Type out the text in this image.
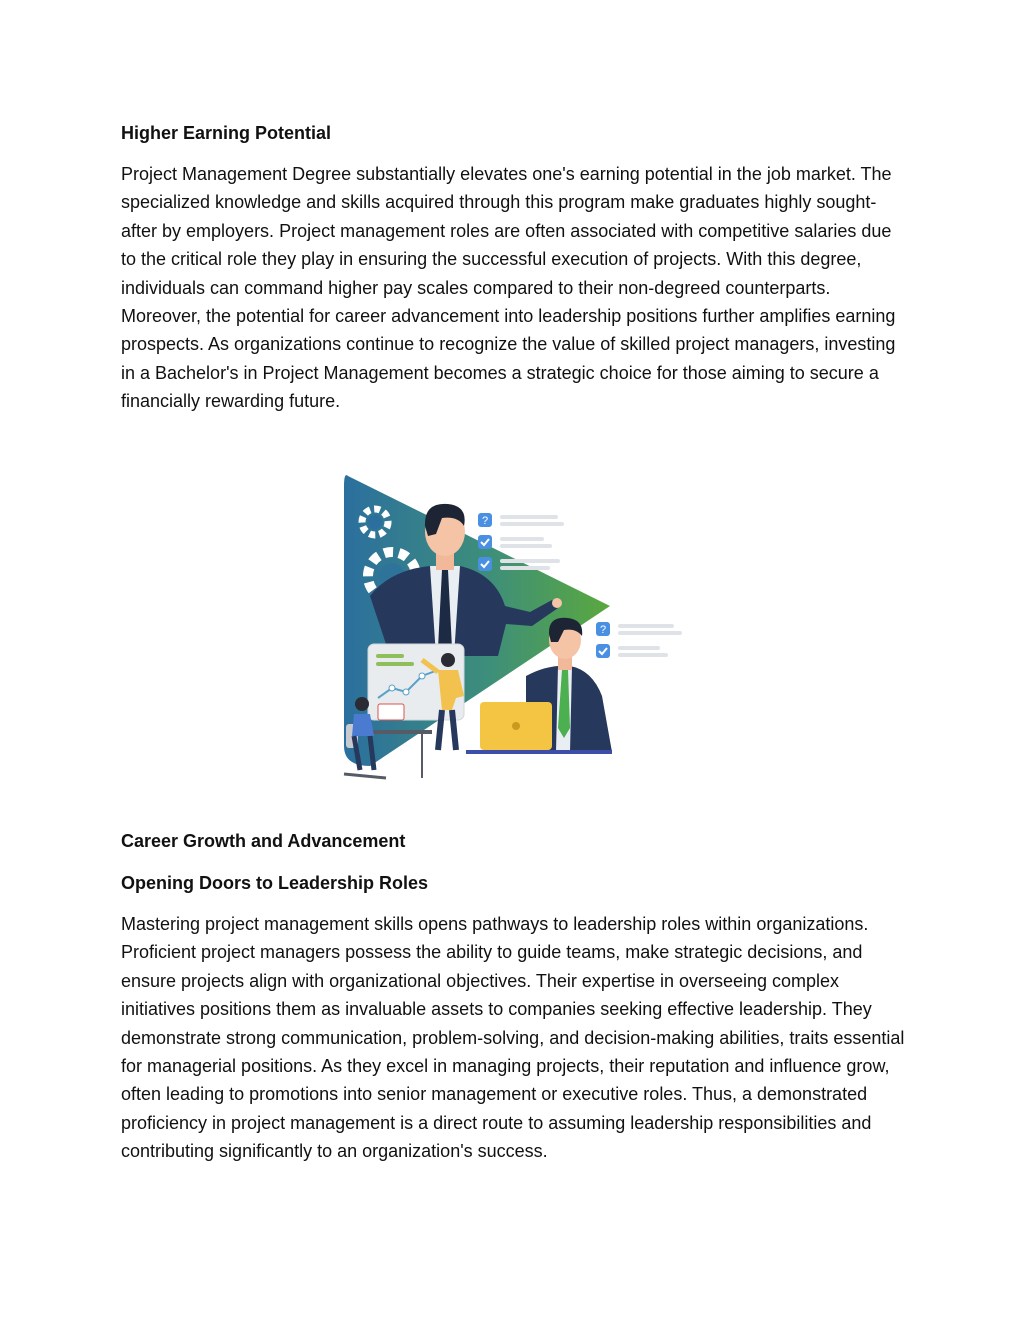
Higher Earning Potential

Project Management Degree substantially elevates one's earning potential in the job market. The specialized knowledge and skills acquired through this program make graduates highly sought-after by employers. Project management roles are often associated with competitive salaries due to the critical role they play in ensuring the successful execution of projects. With this degree, individuals can command higher pay scales compared to their non-degreed counterparts. Moreover, the potential for career advancement into leadership positions further amplifies earning prospects. As organizations continue to recognize the value of skilled project managers, investing in a Bachelor's in Project Management becomes a strategic choice for those aiming to secure a financially rewarding future.

?
?
Career Growth and Advancement
Opening Doors to Leadership Roles

Mastering project management skills opens pathways to leadership roles within organizations. Proficient project managers possess the ability to guide teams, make strategic decisions, and ensure projects align with organizational objectives. Their expertise in overseeing complex initiatives positions them as invaluable assets to companies seeking effective leadership. They demonstrate strong communication, problem-solving, and decision-making abilities, traits essential for managerial positions. As they excel in managing projects, their reputation and influence grow, often leading to promotions into senior management or executive roles. Thus, a demonstrated proficiency in project management is a direct route to assuming leadership responsibilities and contributing significantly to an organization's success.
